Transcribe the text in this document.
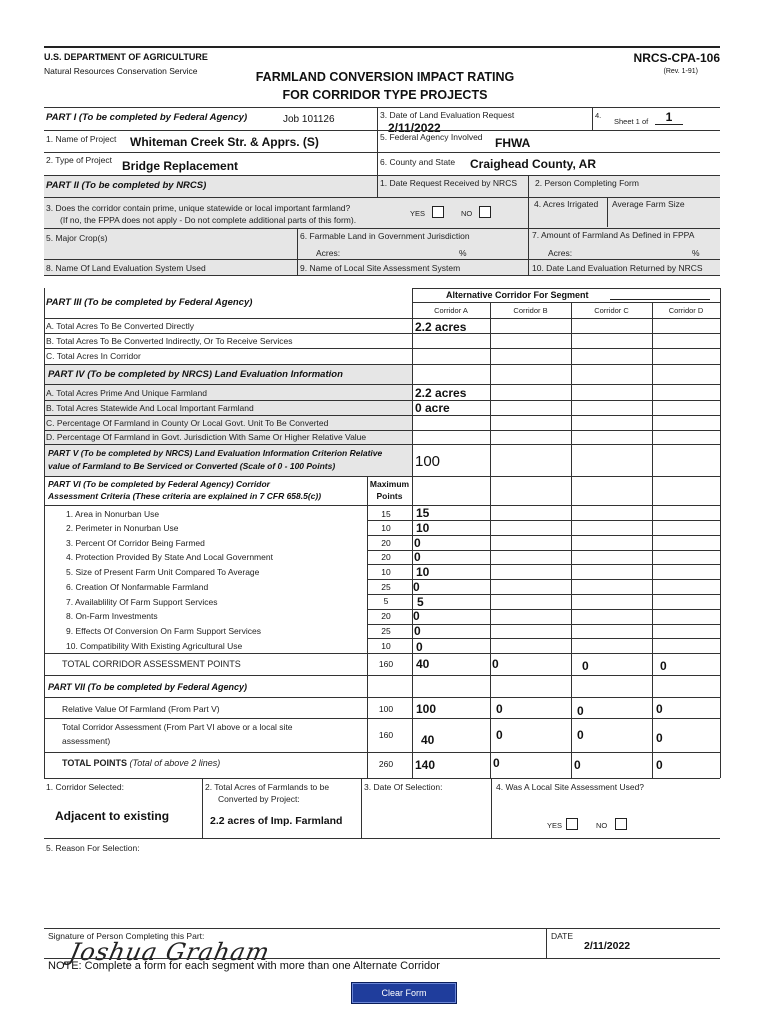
U.S. DEPARTMENT OF AGRICULTURE
Natural Resources Conservation Service
NRCS-CPA-106
(Rev. 1-91)
FARMLAND CONVERSION IMPACT RATING
FOR CORRIDOR TYPE PROJECTS
PART I (To be completed by Federal Agency)	Job 101126	3. Date of Land Evaluation Request
2/11/2022
4.
Sheet 1 of	1
1. Name of Project Whiteman Creek Str. & Apprs. (S)	5. Federal Agency Involved FHWA
2. Type of Project Bridge Replacement	6. County and State Craighead County, AR
PART II (To be completed by NRCS)	1. Date Request Received by NRCS 2. Person Completing Form
3. Does the corridor contain prime, unique statewide or local important farmland?
(If no, the FPPA does not apply - Do not complete additional parts of this form).
YES	NO
4. Acres Irrigated Average Farm Size
5. Major Crop(s)	6. Farmable Land in Government Jurisdiction
Acres:	%
7. Amount of Farmland As Defined in FPPA
Acres:	%
8. Name Of Land Evaluation System Used	9. Name of Local Site Assessment System	10. Date Land Evaluation Returned by NRCS
PART III (To be completed by Federal Agency)
Alternative Corridor For Segment
Corridor A	Corridor B	Corridor C	Corridor D
A. Total Acres To Be Converted Directly	2.2 acres
B. Total Acres To Be Converted Indirectly, Or To Receive Services
C. Total Acres In Corridor
PART IV (To be completed by NRCS) Land Evaluation Information
A. Total Acres Prime And Unique Farmland	2.2 acres
B. Total Acres Statewide And Local Important Farmland	0 acre
C. Percentage Of Farmland in County Or Local Govt. Unit To Be Converted
D. Percentage Of Farmland in Govt. Jurisdiction With Same Or Higher Relative Value
PART V (To be completed by NRCS) Land Evaluation Information Criterion Relative
value of Farmland to Be Serviced or Converted (Scale of 0 - 100 Points)	100
PART VI (To be completed by Federal Agency) Corridor
Assessment Criteria (These criteria are explained in 7 CFR 658.5(c))
Maximum
Points
1. Area in Nonurban Use	15	15
2. Perimeter in Nonurban Use	10	10
3. Percent Of Corridor Being Farmed	20	0
4. Protection Provided By State And Local Government	20	0
5. Size of Present Farm Unit Compared To Average	10	10
6. Creation Of Nonfarmable Farmland	25	0
7. Availablility Of Farm Support Services	5	5
8. On-Farm Investments	20	0
9. Effects Of Conversion On Farm Support Services	25	0
10. Compatibility With Existing Agricultural Use	10	0
TOTAL CORRIDOR ASSESSMENT POINTS	160	40	0	0	0
PART VII (To be completed by Federal Agency)
Relative Value Of Farmland (From Part V)	100	100	0	0	0
Total Corridor Assessment (From Part VI above or a local site
assessment)
160	40	0	0	0
TOTAL POINTS (Total of above 2 lines)	260	140	0	0	0
1. Corridor Selected:
Adjacent to existing
2. Total Acres of Farmlands to be
Converted by Project:
2.2 acres of Imp. Farmland
3. Date Of Selection:	4. Was A Local Site Assessment Used?
YES	NO
5. Reason For Selection:
Signature of Person Completing this Part:
Joshua Graham
DATE
2/11/2022
NOTE: Complete a form for each segment with more than one Alternate Corridor
Clear Form
